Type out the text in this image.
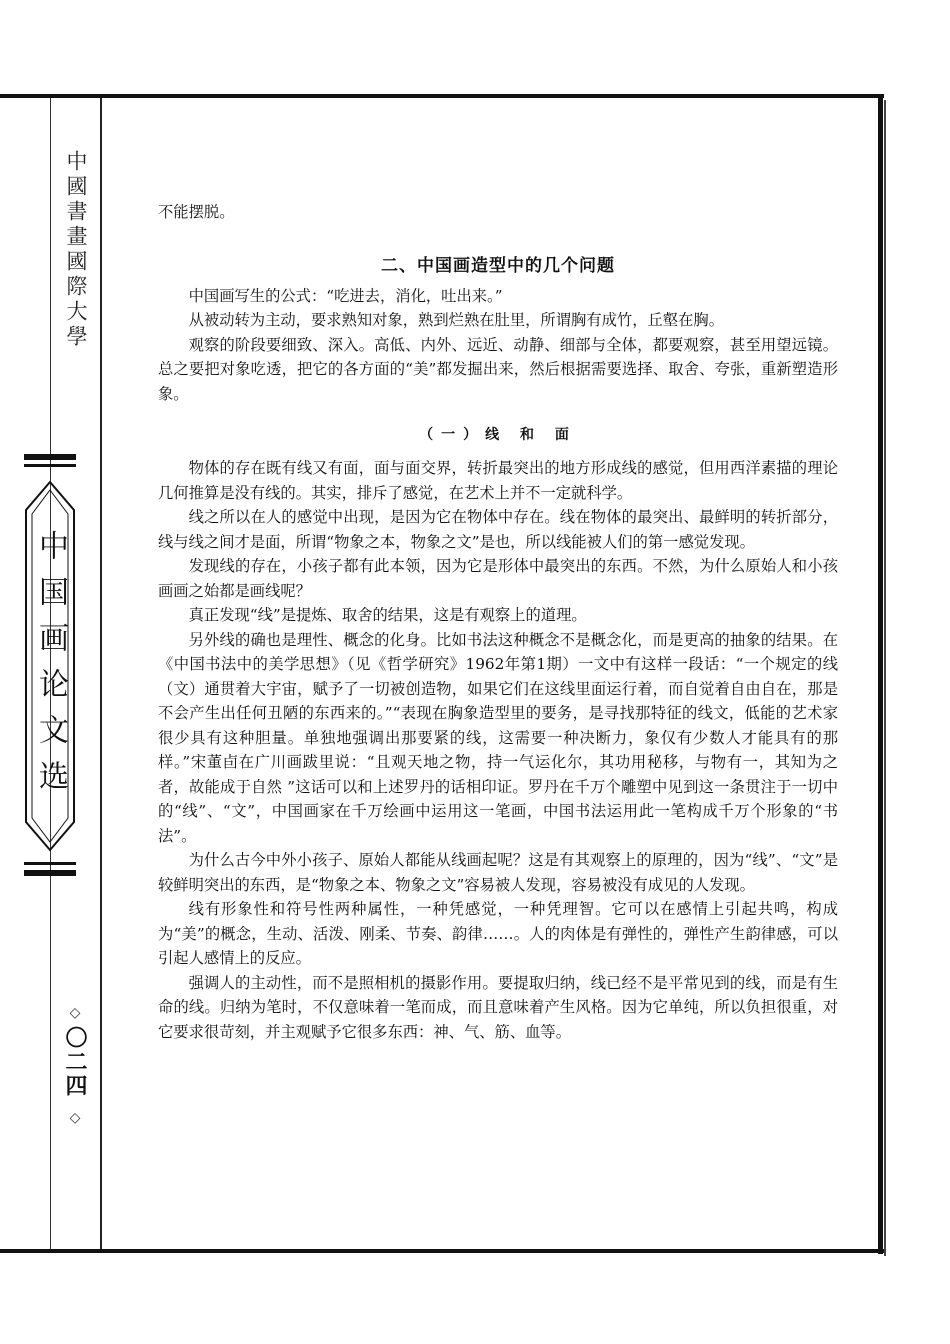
中國書畫國際大學
中国画论文选
◇
〇二四
◇

不能摆脱。

二、中国画造型中的几个问题

中国画写生的公式：“吃进去，消化，吐出来。”

从被动转为主动，要求熟知对象，熟到烂熟在肚里，所谓胸有成竹，丘壑在胸。

观察的阶段要细致、深入。高低、内外、远近、动静、细部与全体，都要观察，甚至用望远镜。总之要把对象吃透，把它的各方面的“美”都发掘出来，然后根据需要选择、取舍、夸张，重新塑造形象。

（一）线 和 面

物体的存在既有线又有面，面与面交界，转折最突出的地方形成线的感觉，但用西洋素描的理论几何推算是没有线的。其实，排斥了感觉，在艺术上并不一定就科学。

线之所以在人的感觉中出现，是因为它在物体中存在。线在物体的最突出、最鲜明的转折部分，线与线之间才是面，所谓“物象之本，物象之文”是也，所以线能被人们的第一感觉发现。

发现线的存在，小孩子都有此本领，因为它是形体中最突出的东西。不然，为什么原始人和小孩画画之始都是画线呢？

真正发现“线”是提炼、取舍的结果，这是有观察上的道理。

另外线的确也是理性、概念的化身。比如书法这种概念不是概念化，而是更高的抽象的结果。在《中国书法中的美学思想》（见《哲学研究》1962年第1期）一文中有这样一段话：“一个规定的线（文）通贯着大宇宙，赋予了一切被创造物，如果它们在这线里面运行着，而自觉着自由自在，那是不会产生出任何丑陋的东西来的。”“表现在胸象造型里的要务，是寻找那特征的线文，低能的艺术家很少具有这种胆量。单独地强调出那要紧的线，这需要一种决断力，象仅有少数人才能具有的那样。”宋董卣在广川画跋里说：“且观天地之物，持一气运化尔，其功用秘移，与物有一，其知为之者，故能成于自然 ”这话可以和上述罗丹的话相印证。罗丹在千万个雕塑中见到这一条贯注于一切中的“线”、“文”，中国画家在千万绘画中运用这一笔画，中国书法运用此一笔构成千万个形象的“书法”。

为什么古今中外小孩子、原始人都能从线画起呢？这是有其观察上的原理的，因为“线”、“文”是较鲜明突出的东西，是“物象之本、物象之文”容易被人发现，容易被没有成见的人发现。

线有形象性和符号性两种属性，一种凭感觉，一种凭理智。它可以在感情上引起共鸣，构成为“美”的概念，生动、活泼、刚柔、节奏、韵律……。人的肉体是有弹性的，弹性产生韵律感，可以引起人感情上的反应。

强调人的主动性，而不是照相机的摄影作用。要提取归纳，线已经不是平常见到的线，而是有生命的线。归纳为笔时，不仅意味着一笔而成，而且意味着产生风格。因为它单纯，所以负担很重，对它要求很苛刻，并主观赋予它很多东西：神、气、筋、血等。
